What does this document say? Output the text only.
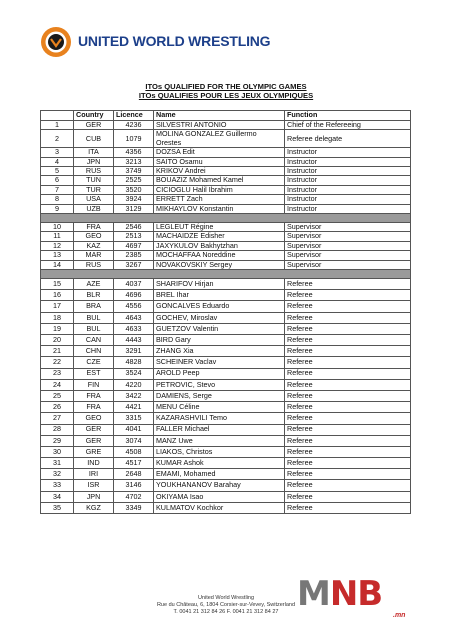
UNITED WORLD WRESTLING
ITOs QUALIFIED FOR THE OLYMPIC GAMES
ITOs QUALIFIES POUR LES JEUX OLYMPIQUES
	Country	Licence	Name	Function
1	GER	4236	SILVESTRI ANTONIO	Chief of the Refereeing
2	CUB	1079	MOLINA GONZALEZ Guillermo Orestes	Referee delegate
3	ITA	4356	DOZSA Edit	Instructor
4	JPN	3213	SAITO Osamu	Instructor
5	RUS	3749	KRIKOV Andrei	Instructor
6	TUN	2525	BOUAZIZ Mohamed Kamel	Instructor
7	TUR	3520	CICIOGLU Halil Ibrahim	Instructor
8	USA	3924	ERRETT Zach	Instructor
9	UZB	3129	MIKHAYLOV Konstantin	Instructor

10	FRA	2546	LEGLEUT Régine	Supervisor
11	GEO	2513	MACHAIDZE Edisher	Supervisor
12	KAZ	4697	JAXYKULOV Bakhytzhan	Supervisor
13	MAR	2385	MOCHAFFAA Noreddine	Supervisor
14	RUS	3267	NOVAKOVSKIY Sergey	Supervisor

15	AZE	4037	SHARIFOV Hirjan	Referee
16	BLR	4696	BREL Ihar	Referee
17	BRA	4556	GONCALVES Eduardo	Referee
18	BUL	4643	GOCHEV, Miroslav	Referee
19	BUL	4633	GUETZOV Valentin	Referee
20	CAN	4443	BIRD Gary	Referee
21	CHN	3291	ZHANG Xia	Referee
22	CZE	4828	SCHEINER Vaclav	Referee
23	EST	3524	AROLD Peep	Referee
24	FIN	4220	PETROVIC, Stevo	Referee
25	FRA	3422	DAMIENS, Serge	Referee
26	FRA	4421	MENU Céline	Referee
27	GEO	3315	KAZARASHVILI Temo	Referee
28	GER	4041	FALLER Michael	Referee
29	GER	3074	MANZ Uwe	Referee
30	GRE	4508	LIAKOS, Christos	Referee
31	IND	4517	KUMAR Ashok	Referee
32	IRI	2648	EMAMI, Mohamed	Referee
33	ISR	3146	YOUKHANANOV Barahay	Referee
34	JPN	4702	OKIYAMA Isao	Referee
35	KGZ	3349	KULMATOV Kochkor	Referee
United World Wrestling
Rue du Château, 6, 1804 Corsier-sur-Vevey, Switzerland
T. 0041 21 312 84 26 F. 0041 21 312 84 27 MNB
.mn
